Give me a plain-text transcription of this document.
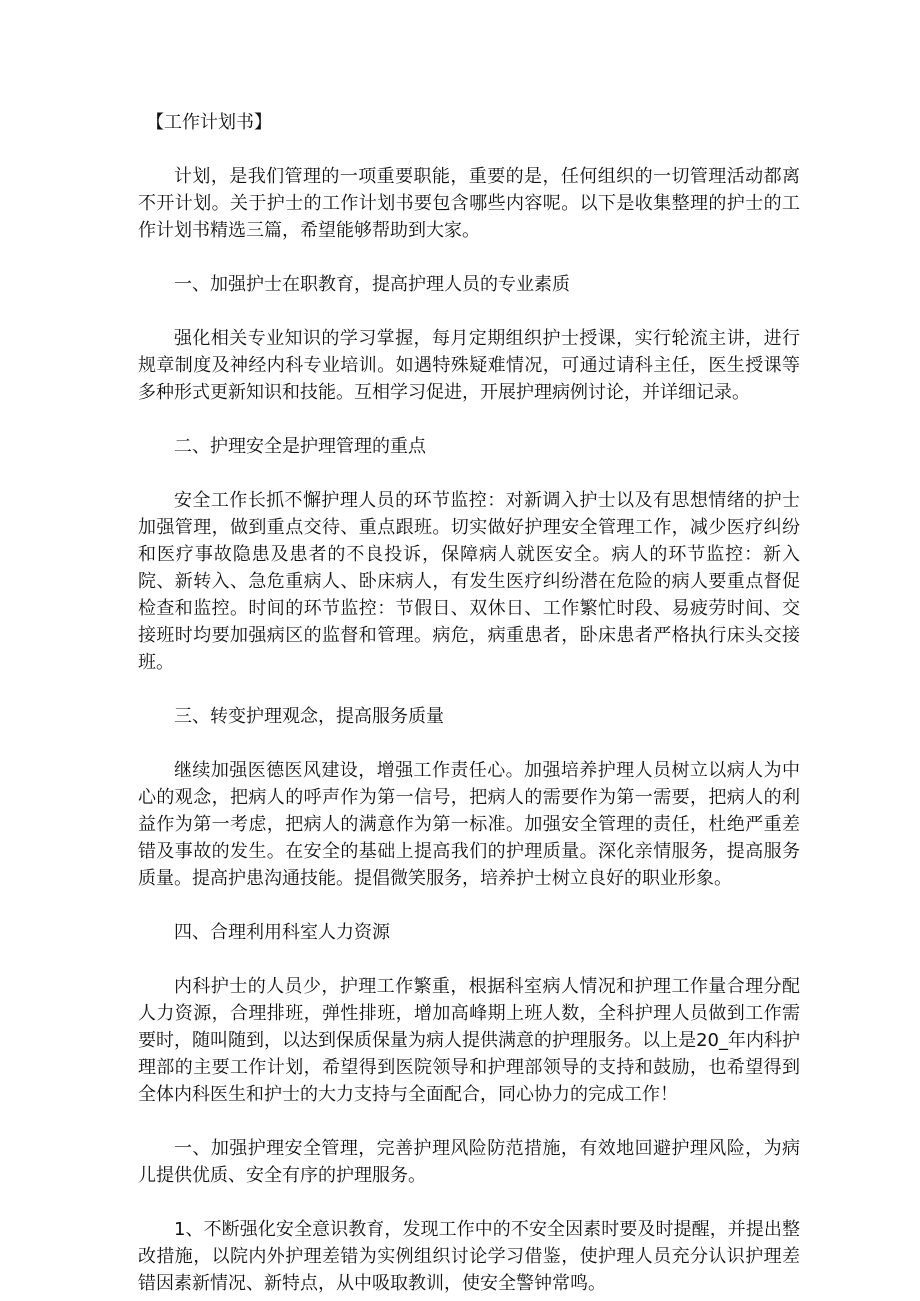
【工作计划书】

计划，是我们管理的一项重要职能，重要的是，任何组织的一切管理活动都离不开计划。关于护士的工作计划书要包含哪些内容呢。以下是收集整理的护士的工作计划书精选三篇，希望能够帮助到大家。

一、加强护士在职教育，提高护理人员的专业素质

强化相关专业知识的学习掌握，每月定期组织护士授课，实行轮流主讲，进行规章制度及神经内科专业培训。如遇特殊疑难情况，可通过请科主任，医生授课等多种形式更新知识和技能。互相学习促进，开展护理病例讨论，并详细记录。

二、护理安全是护理管理的重点

安全工作长抓不懈护理人员的环节监控：对新调入护士以及有思想情绪的护士加强管理，做到重点交待、重点跟班。切实做好护理安全管理工作，减少医疗纠纷和医疗事故隐患及患者的不良投诉，保障病人就医安全。病人的环节监控：新入院、新转入、急危重病人、卧床病人，有发生医疗纠纷潜在危险的病人要重点督促检查和监控。时间的环节监控：节假日、双休日、工作繁忙时段、易疲劳时间、交接班时均要加强病区的监督和管理。病危，病重患者，卧床患者严格执行床头交接班。

三、转变护理观念，提高服务质量

继续加强医德医风建设，增强工作责任心。加强培养护理人员树立以病人为中心的观念，把病人的呼声作为第一信号，把病人的需要作为第一需要，把病人的利益作为第一考虑，把病人的满意作为第一标准。加强安全管理的责任，杜绝严重差错及事故的发生。在安全的基础上提高我们的护理质量。深化亲情服务，提高服务质量。提高护患沟通技能。提倡微笑服务，培养护士树立良好的职业形象。

四、合理利用科室人力资源

内科护士的人员少，护理工作繁重，根据科室病人情况和护理工作量合理分配人力资源，合理排班，弹性排班，增加高峰期上班人数，全科护理人员做到工作需要时，随叫随到，以达到保质保量为病人提供满意的护理服务。以上是20_年内科护理部的主要工作计划，希望得到医院领导和护理部领导的支持和鼓励，也希望得到全体内科医生和护士的大力支持与全面配合，同心协力的完成工作！

一、加强护理安全管理，完善护理风险防范措施，有效地回避护理风险，为病儿提供优质、安全有序的护理服务。

1、不断强化安全意识教育，发现工作中的不安全因素时要及时提醒，并提出整改措施，以院内外护理差错为实例组织讨论学习借鉴，使护理人员充分认识护理差错因素新情况、新特点，从中吸取教训，使安全警钟常鸣。
